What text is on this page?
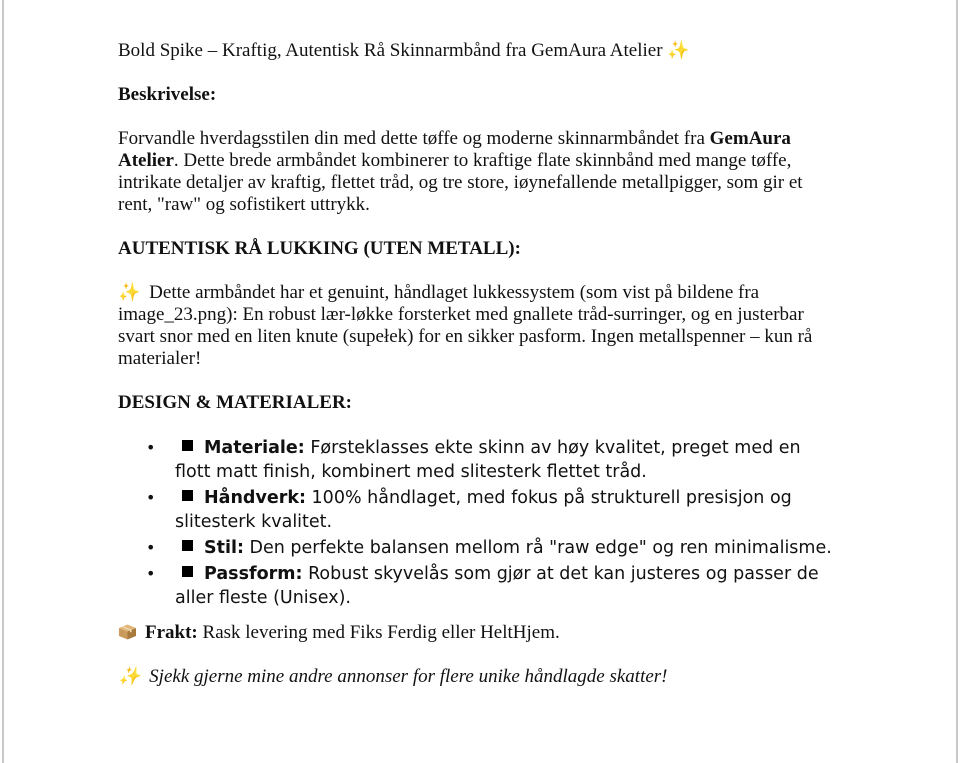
Bold Spike – Kraftig, Autentisk Rå Skinnarmbånd fra GemAura Atelier ✨

Beskrivelse:

Forvandle hverdagsstilen din med dette tøffe og moderne skinnarmbåndet fra GemAura Atelier. Dette brede armbåndet kombinerer to kraftige flate skinnbånd med mange tøffe, intrikate detaljer av kraftig, flettet tråd, og tre store, iøynefallende metallpigger, som gir et rent, "raw" og sofistikert uttrykk.

AUTENTISK RÅ LUKKING (UTEN METALL):

✨ Dette armbåndet har et genuint, håndlaget lukkessystem (som vist på bildene fra image_23.png): En robust lær-løkke forsterket med gnallete tråd-surringer, og en justerbar svart snor med en liten knute (supełek) for en sikker pasform. Ingen metallspenner – kun rå materialer!

DESIGN & MATERIALER:

•	Materiale: Førsteklasses ekte skinn av høy kvalitet, preget med en flott matt finish, kombinert med slitesterk flettet tråd.
•	Håndverk: 100% håndlaget, med fokus på strukturell presisjon og slitesterk kvalitet.
•	Stil: Den perfekte balansen mellom rå "raw edge" og ren minimalisme.
•	Passform: Robust skyvelås som gjør at det kan justeres og passer de aller fleste (Unisex).

Frakt: Rask levering med Fiks Ferdig eller HeltHjem.

✨ Sjekk gjerne mine andre annonser for flere unike håndlagde skatter!
